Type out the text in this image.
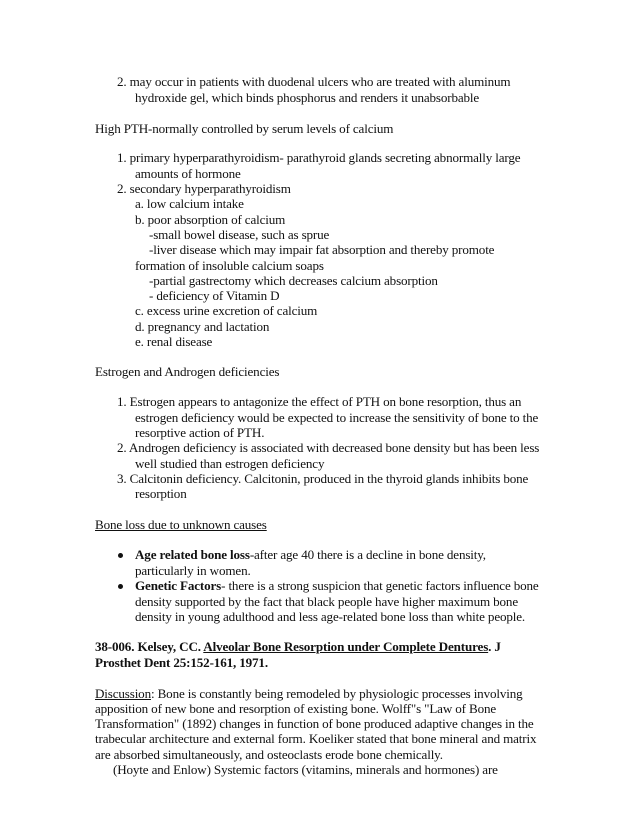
2. may occur in patients with duodenal ulcers who are treated with aluminum
hydroxide gel, which binds phosphorus and renders it unabsorbable
High PTH-normally controlled by serum levels of calcium
1. primary hyperparathyroidism- parathyroid glands secreting abnormally large
amounts of hormone
2. secondary hyperparathyroidism
a. low calcium intake
b. poor absorption of calcium
-small bowel disease, such as sprue
-liver disease which may impair fat absorption and thereby promote
formation of insoluble calcium soaps
-partial gastrectomy which decreases calcium absorption
- deficiency of Vitamin D
c. excess urine excretion of calcium
d. pregnancy and lactation
e. renal disease
Estrogen and Androgen deficiencies
1. Estrogen appears to antagonize the effect of PTH on bone resorption, thus an
estrogen deficiency would be expected to increase the sensitivity of bone to the
resorptive action of PTH.
2. Androgen deficiency is associated with decreased bone density but has been less
well studied than estrogen deficiency
3. Calcitonin deficiency. Calcitonin, produced in the thyroid glands inhibits bone
resorption
Bone loss due to unknown causes
Age related bone loss-after age 40 there is a decline in bone density,
particularly in women.
Genetic Factors- there is a strong suspicion that genetic factors influence bone
density supported by the fact that black people have higher maximum bone
density in young adulthood and less age-related bone loss than white people.
38-006. Kelsey, CC. Alveolar Bone Resorption under Complete Dentures. J
Prosthet Dent 25:152-161, 1971.
Discussion: Bone is constantly being remodeled by physiologic processes involving
apposition of new bone and resorption of existing bone. Wolff"s "Law of Bone
Transformation" (1892) changes in function of bone produced adaptive changes in the
trabecular architecture and external form. Koeliker stated that bone mineral and matrix
are absorbed simultaneously, and osteoclasts erode bone chemically.
(Hoyte and Enlow) Systemic factors (vitamins, minerals and hormones) are
